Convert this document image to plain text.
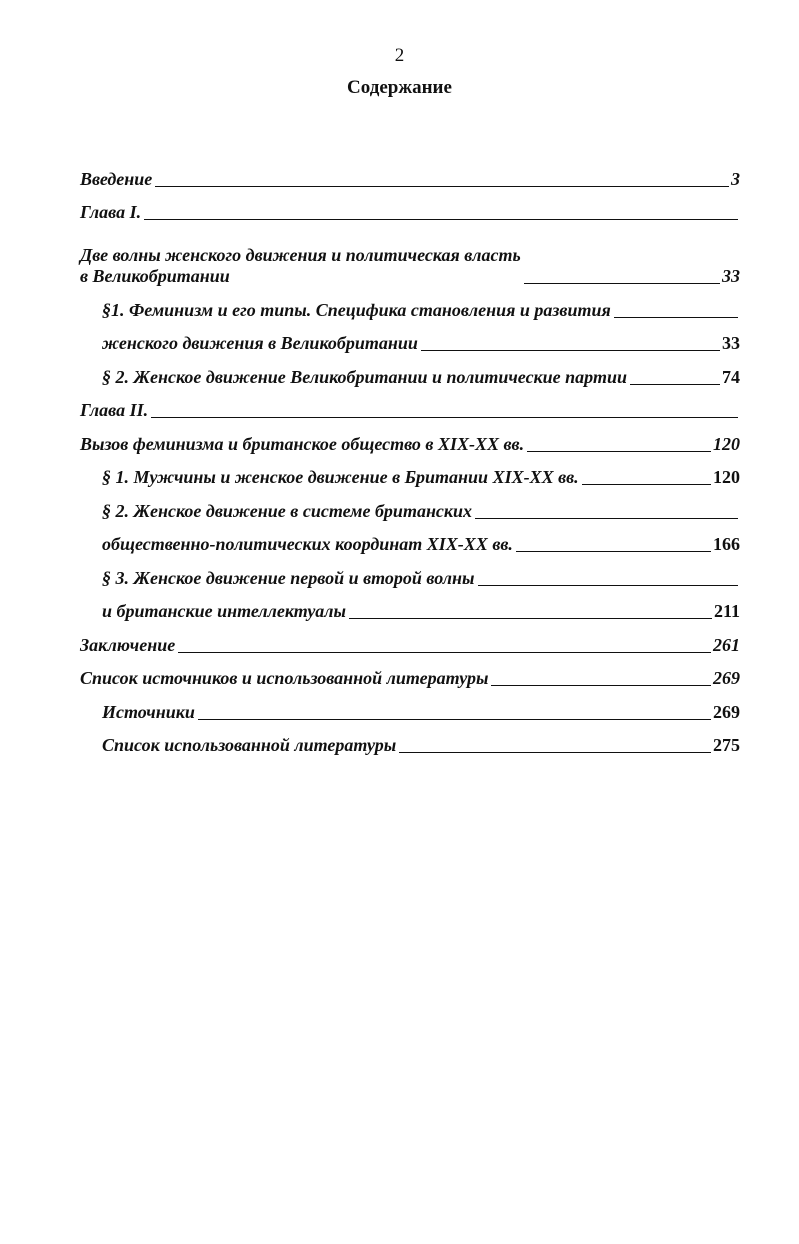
2
Содержание
Введение	3
Глава I.
Две волны женского движения и политическая власть
в Великобритании	33
§1. Феминизм и его типы. Специфика становления и развития
женского движения в Великобритании	33
§ 2. Женское движение Великобритании и политические партии	74
Глава II.
Вызов феминизма и британское общество в XIX-XX вв.	120
§ 1. Мужчины и женское движение в Британии XIX-XX вв.	120
§ 2. Женское движение в системе британских
общественно-политических координат XIX-XX вв.	166
§ 3. Женское движение первой и второй волны
и британские интеллектуалы	211
Заключение	261
Список источников и использованной литературы	269
Источники	269
Список использованной литературы	275
